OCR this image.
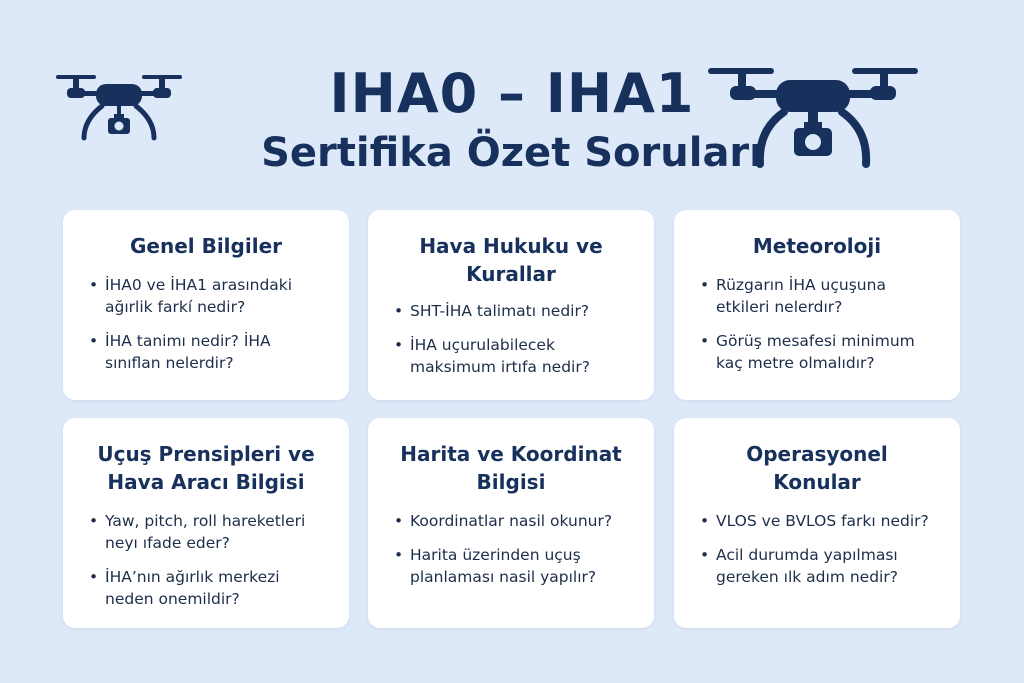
IHA0 – IHA1
Sertifika Özet Soruları
Genel Bilgiler
• İHA0 ve İHA1 arasındaki ağırlik farkí nedir?
• İHA tanimı nedir? İHA sınıflan nelerdir?
Hava Hukuku ve Kurallar
• SHT-İHA talimatı nedir?
• İHA uçurulabilecek maksimum irtıfa nedir?
Meteoroloji
• Rüzgarın İHA uçuşuna etkileri nelerdır?
• Görüş mesafesi minimum kaç metre olmalıdır?
Uçuş Prensipleri ve Hava Aracı Bilgisi
• Yaw, pitch, roll hareketleri neyı ıfade eder?
• İHA’nın ağırlık merkezi neden onemildir?
Harita ve Koordinat Bilgisi
• Koordinatlar nasil okunur?
• Harita üzerinden uçuş planlaması nasil yapılır?
Operasyonel Konular
• VLOS ve BVLOS farkı nedir?
• Acil durumda yapılması gereken ılk adım nedir?
